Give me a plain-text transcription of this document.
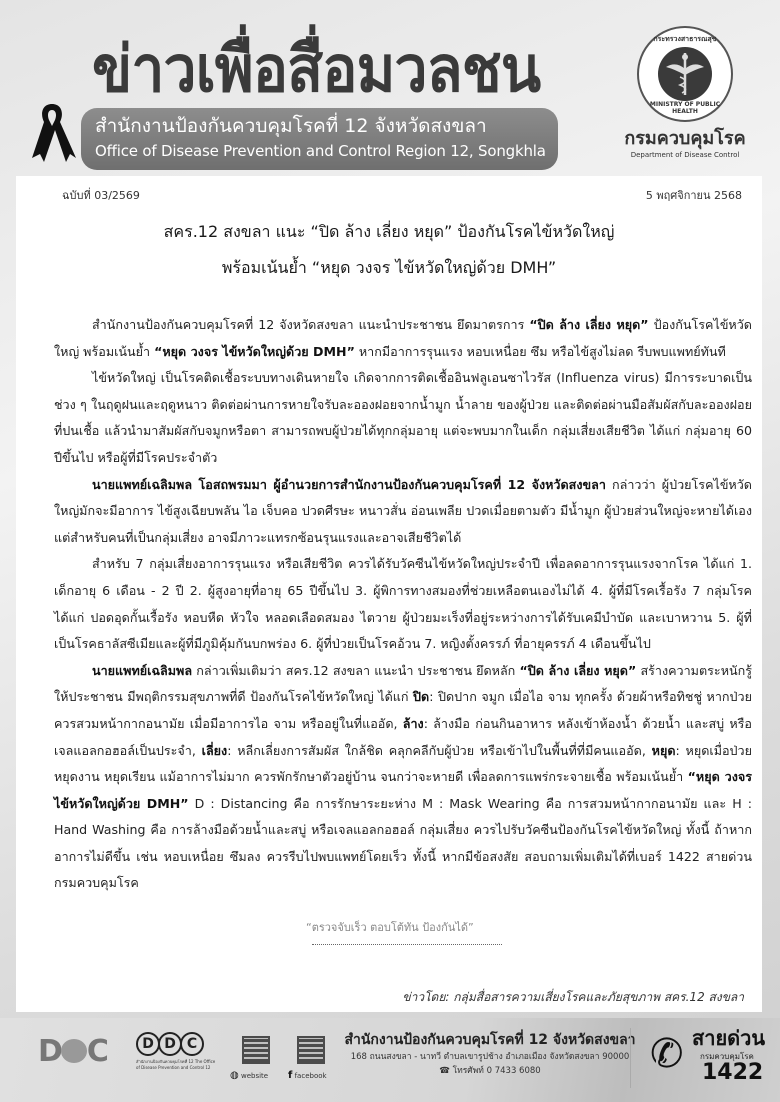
ข่าวเพื่อสื่อมวลชน
สำนักงานป้องกันควบคุมโรคที่ 12 จังหวัดสงขลา
Office of Disease Prevention and Control Region 12, Songkhla
กระทรวงสาธารณสุข
MINISTRY OF PUBLIC HEALTH
กรมควบคุมโรค
Department of Disease Control
ฉบับที่ 03/2569	5 พฤศจิกายน 2568
สคร.12 สงขลา แนะ “ปิด ล้าง เลี่ยง หยุด” ป้องกันโรคไข้หวัดใหญ่
พร้อมเน้นย้ำ “หยุด วงจร ไข้หวัดใหญ่ด้วย DMH”

สำนักงานป้องกันควบคุมโรคที่ 12 จังหวัดสงขลา แนะนำประชาชน ยึดมาตรการ “ปิด ล้าง เลี่ยง หยุด” ป้องกันโรคไข้หวัดใหญ่ พร้อมเน้นย้ำ “หยุด วงจร ไข้หวัดใหญ่ด้วย DMH” หากมีอาการรุนแรง หอบเหนื่อย ซึม หรือไข้สูงไม่ลด รีบพบแพทย์ทันที

ไข้หวัดใหญ่ เป็นโรคติดเชื้อระบบทางเดินหายใจ เกิดจากการติดเชื้ออินฟลูเอนซาไวรัส (Influenza virus) มีการระบาดเป็นช่วง ๆ ในฤดูฝนและฤดูหนาว ติดต่อผ่านการหายใจรับละอองฝอยจากน้ำมูก น้ำลาย ของผู้ป่วย และติดต่อผ่านมือสัมผัสกับละอองฝอยที่ปนเชื้อ แล้วนำมาสัมผัสกับจมูกหรือตา สามารถพบผู้ป่วยได้ทุกกลุ่มอายุ แต่จะพบมากในเด็ก กลุ่มเสี่ยงเสียชีวิต ได้แก่ กลุ่มอายุ 60 ปีขึ้นไป หรือผู้ที่มีโรคประจำตัว

นายแพทย์เฉลิมพล โอสถพรมมา ผู้อำนวยการสำนักงานป้องกันควบคุมโรคที่ 12 จังหวัดสงขลา กล่าวว่า ผู้ป่วยโรคไข้หวัดใหญ่มักจะมีอาการ ไข้สูงเฉียบพลัน ไอ เจ็บคอ ปวดศีรษะ หนาวสั่น อ่อนเพลีย ปวดเมื่อยตามตัว มีน้ำมูก ผู้ป่วยส่วนใหญ่จะหายได้เอง แต่สำหรับคนที่เป็นกลุ่มเสี่ยง อาจมีภาวะแทรกซ้อนรุนแรงและอาจเสียชีวิตได้

สำหรับ 7 กลุ่มเสี่ยงอาการรุนแรง หรือเสียชีวิต ควรได้รับวัคซีนไข้หวัดใหญ่ประจำปี เพื่อลดอาการรุนแรงจากโรค ได้แก่ 1. เด็กอายุ 6 เดือน - 2 ปี 2. ผู้สูงอายุที่อายุ 65 ปีขึ้นไป 3. ผู้พิการทางสมองที่ช่วยเหลือตนเองไม่ได้ 4. ผู้ที่มีโรคเรื้อรัง 7 กลุ่มโรค ได้แก่ ปอดอุดกั้นเรื้อรัง หอบหืด หัวใจ หลอดเลือดสมอง ไตวาย ผู้ป่วยมะเร็งที่อยู่ระหว่างการได้รับเคมีบำบัด และเบาหวาน 5. ผู้ที่เป็นโรคธาลัสซีเมียและผู้ที่มีภูมิคุ้มกันบกพร่อง 6. ผู้ที่ป่วยเป็นโรคอ้วน 7. หญิงตั้งครรภ์ ที่อายุครรภ์ 4 เดือนขึ้นไป

นายแพทย์เฉลิมพล กล่าวเพิ่มเติมว่า สคร.12 สงขลา แนะนำ ประชาชน ยึดหลัก “ปิด ล้าง เลี่ยง หยุด” สร้างความตระหนักรู้ให้ประชาชน มีพฤติกรรมสุขภาพที่ดี ป้องกันโรคไข้หวัดใหญ่ ได้แก่ ปิด: ปิดปาก จมูก เมื่อไอ จาม ทุกครั้ง ด้วยผ้าหรือทิชชู่ หากป่วยควรสวมหน้ากากอนามัย เมื่อมีอาการไอ จาม หรืออยู่ในที่แออัด, ล้าง: ล้างมือ ก่อนกินอาหาร หลังเข้าห้องน้ำ ด้วยน้ำ และสบู่ หรือเจลแอลกอฮอล์เป็นประจำ, เลี่ยง: หลีกเลี่ยงการสัมผัส ใกล้ชิด คลุกคลีกับผู้ป่วย หรือเข้าไปในพื้นที่ที่มีคนแออัด, หยุด: หยุดเมื่อป่วย หยุดงาน หยุดเรียน แม้อาการไม่มาก ควรพักรักษาตัวอยู่บ้าน จนกว่าจะหายดี เพื่อลดการแพร่กระจายเชื้อ พร้อมเน้นย้ำ “หยุด วงจร ไข้หวัดใหญ่ด้วย DMH” D : Distancing คือ การรักษาระยะห่าง M : Mask Wearing คือ การสวมหน้ากากอนามัย และ H : Hand Washing คือ การล้างมือด้วยน้ำและสบู่ หรือเจลแอลกอฮอล์ กลุ่มเสี่ยง ควรไปรับวัคซีนป้องกันโรคไข้หวัดใหญ่ ทั้งนี้ ถ้าหากอาการไม่ดีขึ้น เช่น หอบเหนื่อย ซึมลง ควรรีบไปพบแพทย์โดยเร็ว ทั้งนี้ หากมีข้อสงสัย สอบถามเพิ่มเติมได้ที่เบอร์ 1422 สายด่วนกรมควบคุมโรค

“ตรวจจับเร็ว ตอบโต้ทัน ป้องกันได้”
ข่าวโดย: กลุ่มสื่อสารความเสี่ยงโรคและภัยสุขภาพ สคร.12 สงขลา
D C	D D C
สำนักงานป้องกันควบคุมโรคที่ 12 The Office of Disease Prevention and Control 12
◍ website f facebook
สำนักงานป้องกันควบคุมโรคที่ 12 จังหวัดสงขลา
168 ถนนสงขลา - นาทวี ตำบลเขารูปช้าง อำเภอเมือง จังหวัดสงขลา 90000
☎ โทรศัพท์ 0 7433 6080	✆ สายด่วน
กรมควบคุมโรค
1422
